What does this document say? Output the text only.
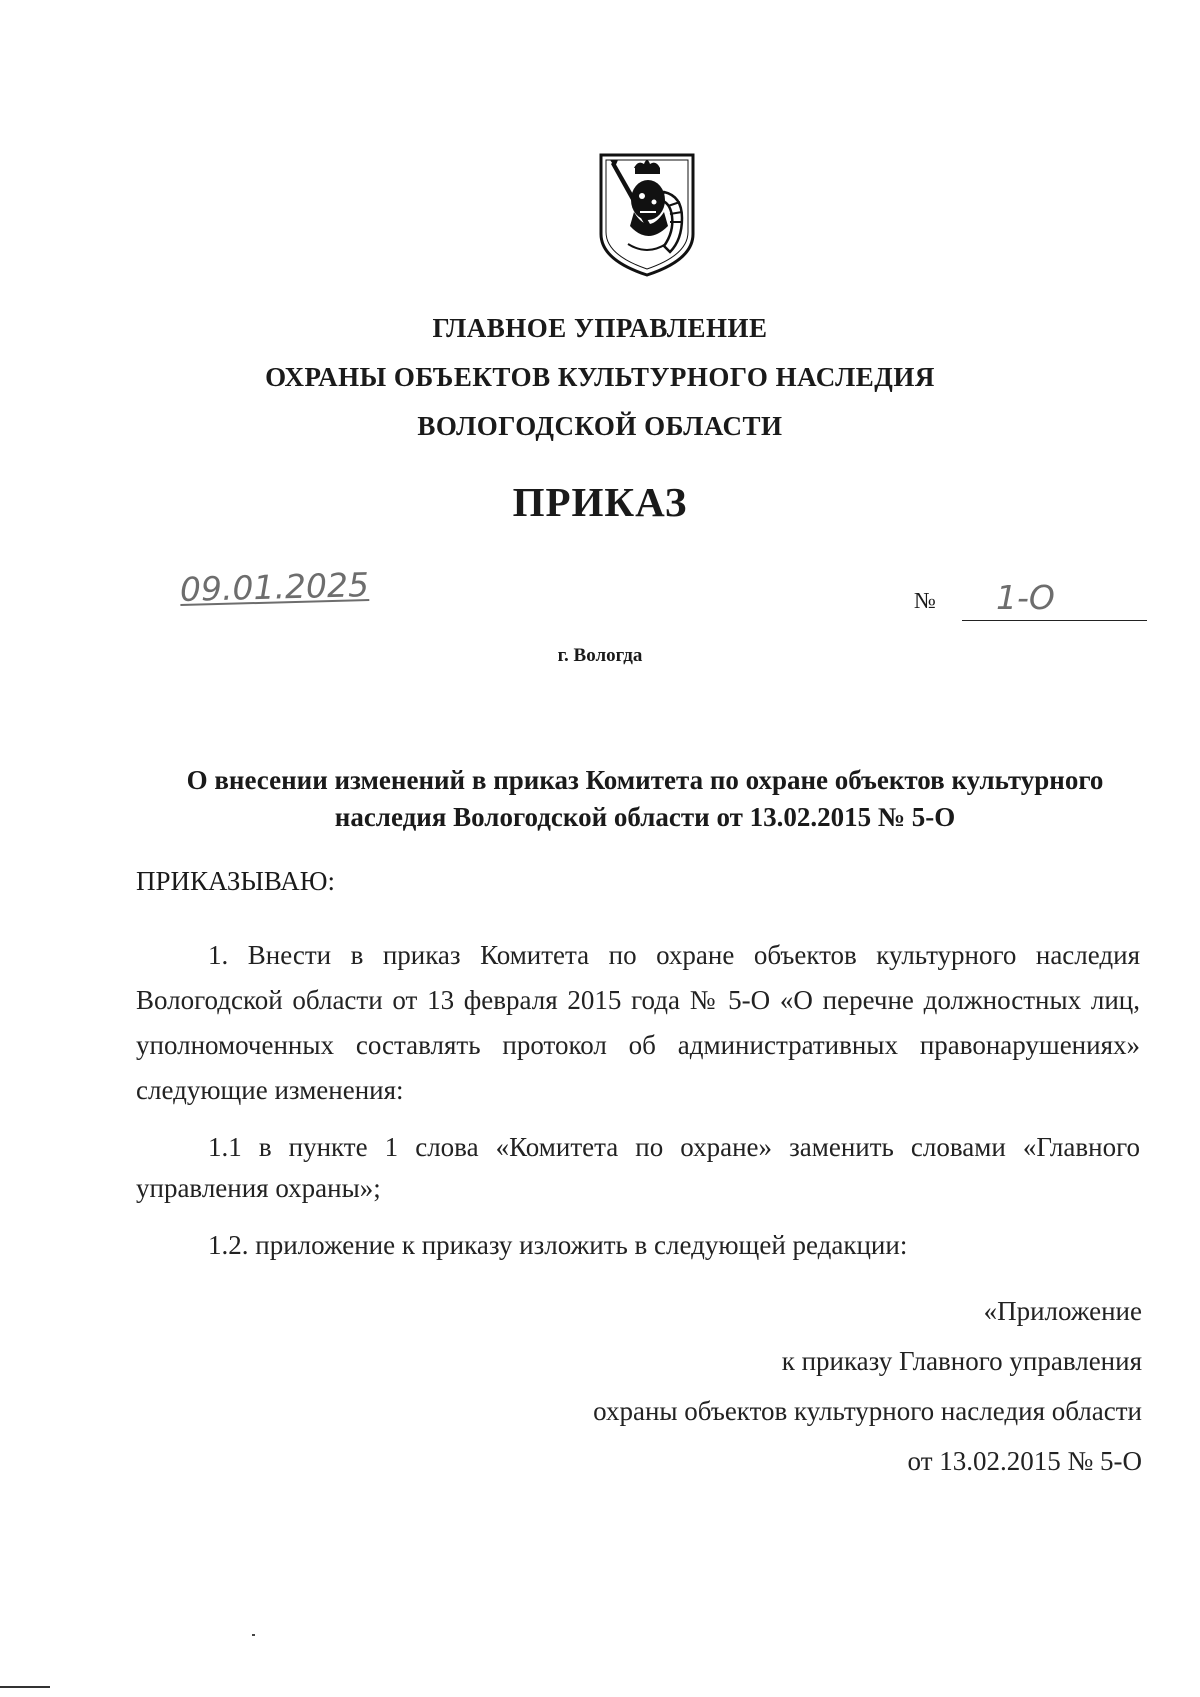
ГЛАВНОЕ УПРАВЛЕНИЕ
ОХРАНЫ ОБЪЕКТОВ КУЛЬТУРНОГО НАСЛЕДИЯ
ВОЛОГОДСКОЙ ОБЛАСТИ
ПРИКАЗ
09.01.2025	№ 1-О
г. Вологда
О внесении изменений в приказ Комитета по охране объектов культурного
наследия Вологодской области от 13.02.2015 № 5-О
ПРИКАЗЫВАЮ:

1. Внести в приказ Комитета по охране объектов культурного наследия Вологодской области от 13 февраля 2015 года № 5-О «О перечне должностных лиц, уполномоченных составлять протокол об административных правонарушениях» следующие изменения:

1.1 в пункте 1 слова «Комитета по охране» заменить словами «Главного управления охраны»;

1.2. приложение к приказу изложить в следующей редакции:

«Приложение
к приказу Главного управления
охраны объектов культурного наследия области
от 13.02.2015 № 5-О
